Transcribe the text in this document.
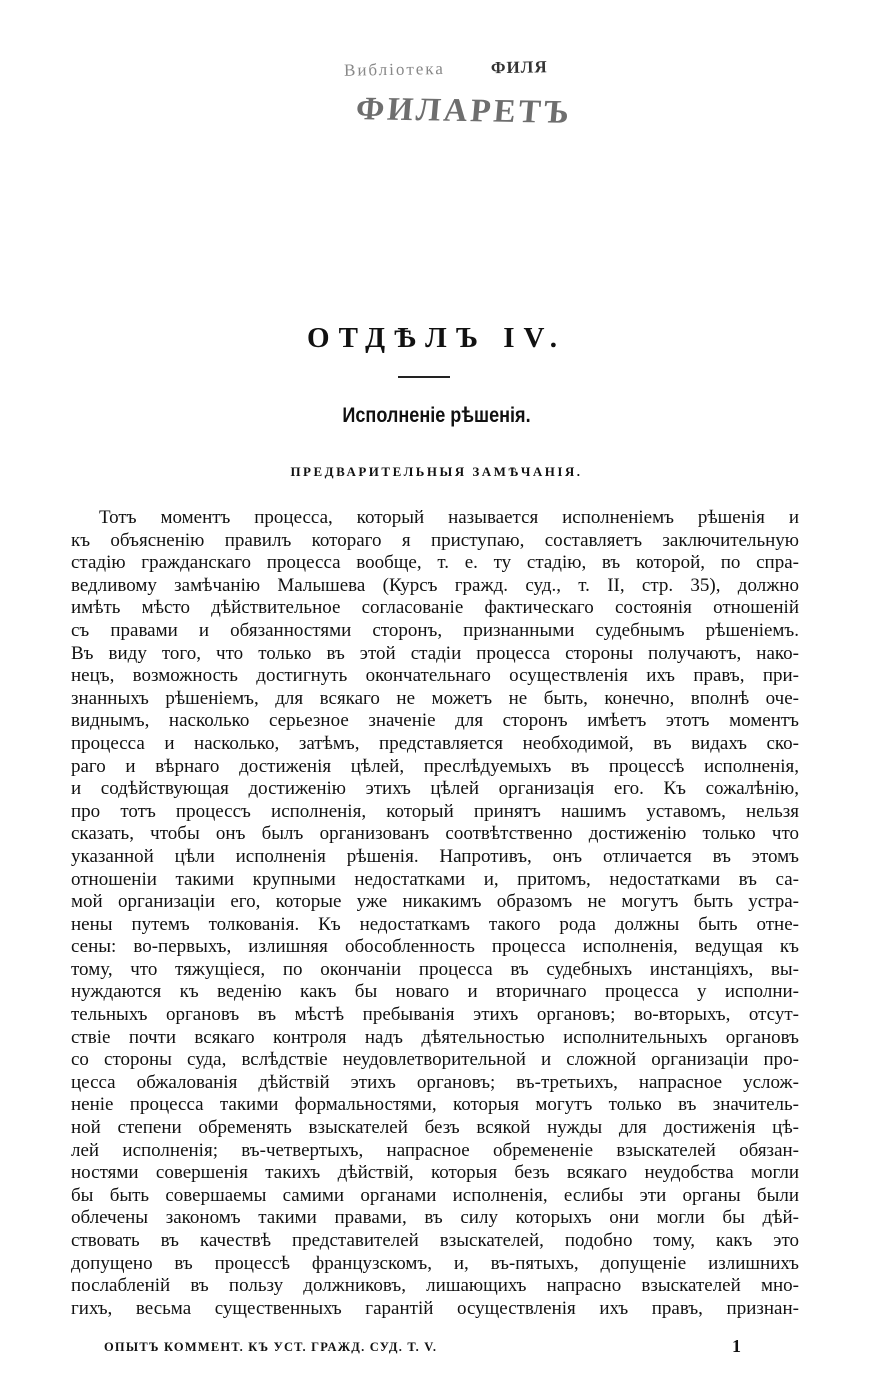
Bиблioтека	ФИЛЯ
ФИЛАРЕТЪ
ОТДѢЛЪ IV.
Исполненіе рѣшенія.
ПРЕДВАРИТЕЛЬНЫЯ ЗАМѢЧАНІЯ.
Тотъ моментъ процесса, который называется исполненіемъ рѣшенія и
къ объясненію правилъ котораго я приступаю, составляетъ заключительную
стадію гражданскаго процесса вообще, т. е. ту стадію, въ которой, по спра-
ведливому замѣчанію Малышева (Курсъ гражд. суд., т. II, стр. 35), должно
имѣть мѣсто дѣйствительное согласованіе фактическаго состоянія отношеній
съ правами и обязанностями сторонъ, признанными судебнымъ рѣшеніемъ.
Въ виду того, что только въ этой стадіи процесса стороны получаютъ, нако-
нецъ, возможность достигнуть окончательнаго осуществленія ихъ правъ, при-
знанныхъ рѣшеніемъ, для всякаго не можетъ не быть, конечно, вполнѣ оче-
виднымъ, насколько серьезное значеніе для сторонъ имѣетъ этотъ моментъ
процесса и насколько, затѣмъ, представляется необходимой, въ видахъ ско-
раго и вѣрнаго достиженія цѣлей, преслѣдуемыхъ въ процессѣ исполненія,
и содѣйствующая достиженію этихъ цѣлей организація его. Къ сожалѣнію,
про тотъ процессъ исполненія, который принятъ нашимъ уставомъ, нельзя
сказать, чтобы онъ былъ организованъ соотвѣтственно достиженію только что
указанной цѣли исполненія рѣшенія. Напротивъ, онъ отличается въ этомъ
отношеніи такими крупными недостатками и, притомъ, недостатками въ са-
мой организаціи его, которые уже никакимъ образомъ не могутъ быть устра-
нены путемъ толкованія. Къ недостаткамъ такого рода должны быть отне-
сены: во-первыхъ, излишняя обособленность процесса исполненія, ведущая къ
тому, что тяжущіеся, по окончаніи процесса въ судебныхъ инстанціяхъ, вы-
нуждаются къ веденію какъ бы новаго и вторичнаго процесса у исполни-
тельныхъ органовъ въ мѣстѣ пребыванія этихъ органовъ; во-вторыхъ, отсут-
ствіе почти всякаго контроля надъ дѣятельностью исполнительныхъ органовъ
со стороны суда, вслѣдствіе неудовлетворительной и сложной организаціи про-
цесса обжалованія дѣйствій этихъ органовъ; въ-третьихъ, напрасное услож-
неніе процесса такими формальностями, которыя могутъ только въ значитель-
ной степени обременять взыскателей безъ всякой нужды для достиженія цѣ-
лей исполненія; въ-четвертыхъ, напрасное обремененіе взыскателей обязан-
ностями совершенія такихъ дѣйствій, которыя безъ всякаго неудобства могли
бы быть совершаемы самими органами исполненія, еслибы эти органы были
облечены закономъ такими правами, въ силу которыхъ они могли бы дѣй-
ствовать въ качествѣ представителей взыскателей, подобно тому, какъ это
допущено въ процессѣ французскомъ, и, въ-пятыхъ, допущеніе излишнихъ
послабленій въ пользу должниковъ, лишающихъ напрасно взыскателей мно-
гихъ, весьма существенныхъ гарантій осуществленія ихъ правъ, признан-
ОПЫТЪ КОММЕНТ. КЪ УСТ. ГРАЖД. СУД. Т. V.	1
